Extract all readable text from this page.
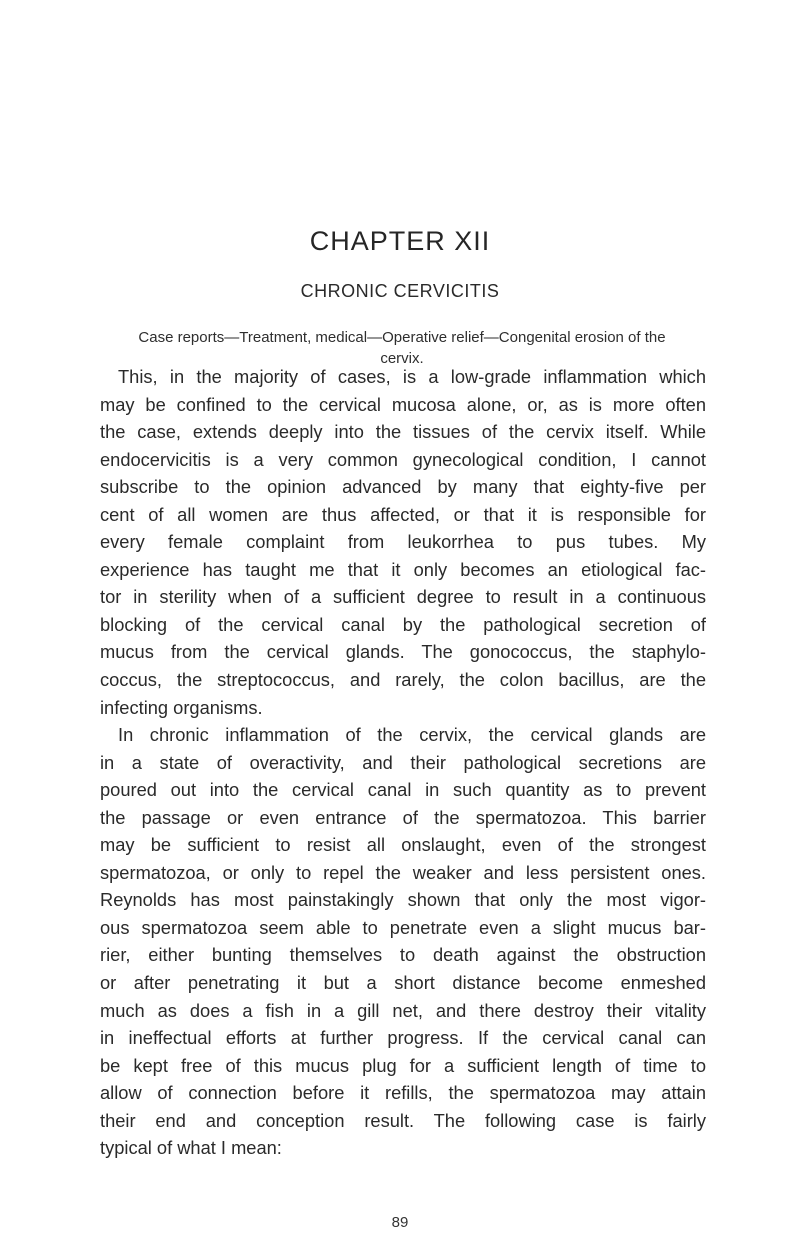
CHAPTER XII
CHRONIC CERVICITIS
Case reports—Treatment, medical—Operative relief—Congenital erosion of the
cervix.
This, in the majority of cases, is a low-grade inflammation which
may be confined to the cervical mucosa alone, or, as is more often
the case, extends deeply into the tissues of the cervix itself. While
endocervicitis is a very common gynecological condition, I cannot
subscribe to the opinion advanced by many that eighty-five per
cent of all women are thus affected, or that it is responsible for
every female complaint from leukorrhea to pus tubes. My
experience has taught me that it only becomes an etiological fac-
tor in sterility when of a sufficient degree to result in a continuous
blocking of the cervical canal by the pathological secretion of
mucus from the cervical glands. The gonococcus, the staphylo-
coccus, the streptococcus, and rarely, the colon bacillus, are the
infecting organisms.
In chronic inflammation of the cervix, the cervical glands are
in a state of overactivity, and their pathological secretions are
poured out into the cervical canal in such quantity as to prevent
the passage or even entrance of the spermatozoa. This barrier
may be sufficient to resist all onslaught, even of the strongest
spermatozoa, or only to repel the weaker and less persistent ones.
Reynolds has most painstakingly shown that only the most vigor-
ous spermatozoa seem able to penetrate even a slight mucus bar-
rier, either bunting themselves to death against the obstruction
or after penetrating it but a short distance become enmeshed
much as does a fish in a gill net, and there destroy their vitality
in ineffectual efforts at further progress. If the cervical canal can
be kept free of this mucus plug for a sufficient length of time to
allow of connection before it refills, the spermatozoa may attain
their end and conception result. The following case is fairly
typical of what I mean:
89
